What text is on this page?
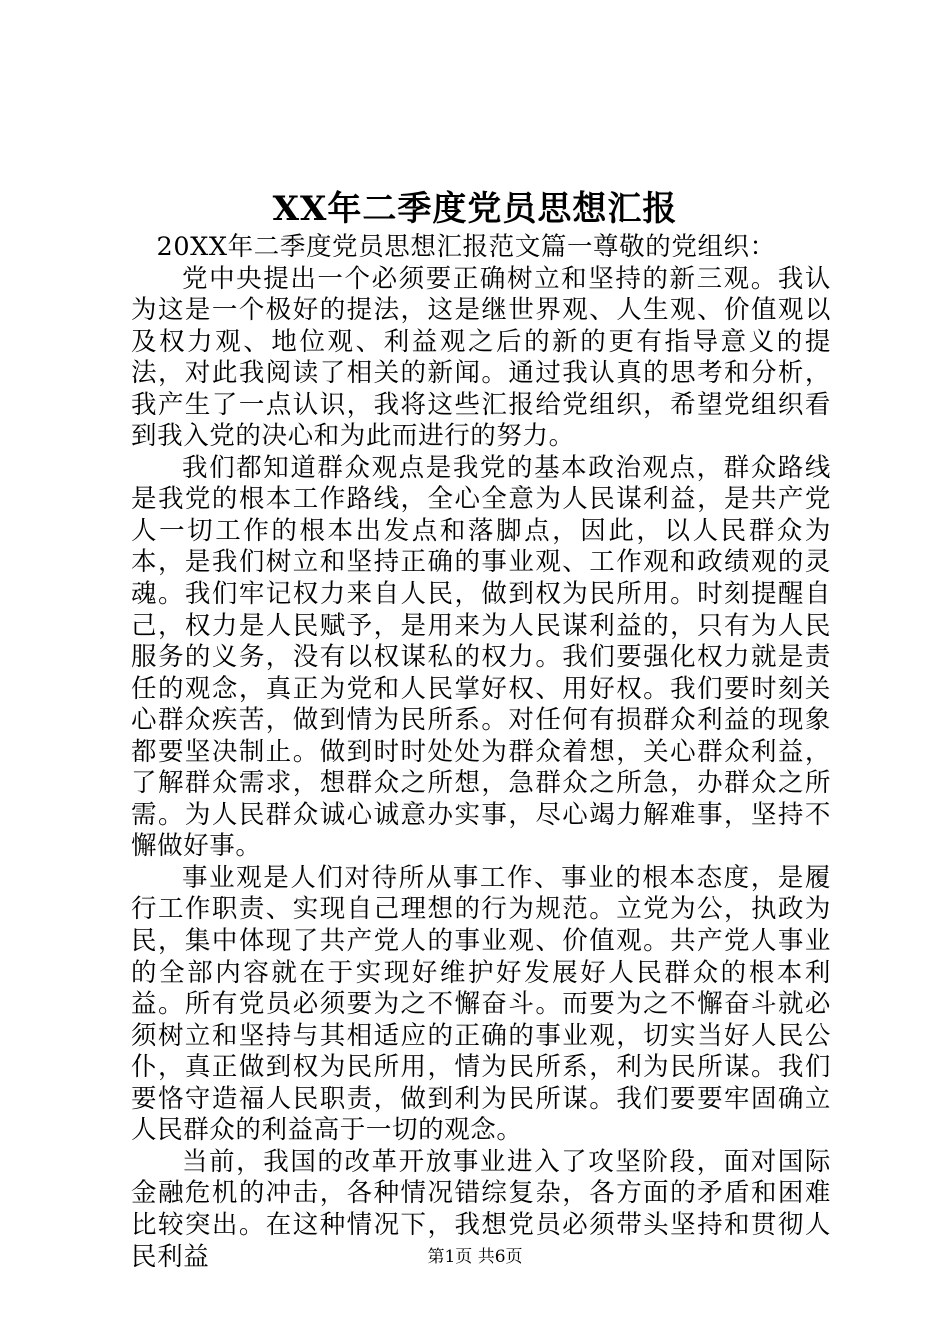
XX年二季度党员思想汇报

20XX年二季度党员思想汇报范文篇一尊敬的党组织：

党中央提出一个必须要正确树立和坚持的新三观。我认为这是一个极好的提法，这是继世界观、人生观、价值观以及权力观、地位观、利益观之后的新的更有指导意义的提法，对此我阅读了相关的新闻。通过我认真的思考和分析，我产生了一点认识，我将这些汇报给党组织，希望党组织看到我入党的决心和为此而进行的努力。

我们都知道群众观点是我党的基本政治观点，群众路线是我党的根本工作路线，全心全意为人民谋利益，是共产党人一切工作的根本出发点和落脚点，因此，以人民群众为本，是我们树立和坚持正确的事业观、工作观和政绩观的灵魂。我们牢记权力来自人民，做到权为民所用。时刻提醒自己，权力是人民赋予，是用来为人民谋利益的，只有为人民服务的义务，没有以权谋私的权力。我们要强化权力就是责任的观念，真正为党和人民掌好权、用好权。我们要时刻关心群众疾苦，做到情为民所系。对任何有损群众利益的现象都要坚决制止。做到时时处处为群众着想，关心群众利益，了解群众需求，想群众之所想，急群众之所急，办群众之所需。为人民群众诚心诚意办实事，尽心竭力解难事，坚持不懈做好事。

事业观是人们对待所从事工作、事业的根本态度，是履行工作职责、实现自己理想的行为规范。立党为公，执政为民，集中体现了共产党人的事业观、价值观。共产党人事业的全部内容就在于实现好维护好发展好人民群众的根本利益。所有党员必须要为之不懈奋斗。而要为之不懈奋斗就必须树立和坚持与其相适应的正确的事业观，切实当好人民公仆，真正做到权为民所用，情为民所系，利为民所谋。我们要恪守造福人民职责，做到利为民所谋。我们要要牢固确立人民群众的利益高于一切的观念。

当前，我国的改革开放事业进入了攻坚阶段，面对国际金融危机的冲击，各种情况错综复杂，各方面的矛盾和困难比较突出。在这种情况下，我想党员必须带头坚持和贯彻人民利益	第1页 共6页
